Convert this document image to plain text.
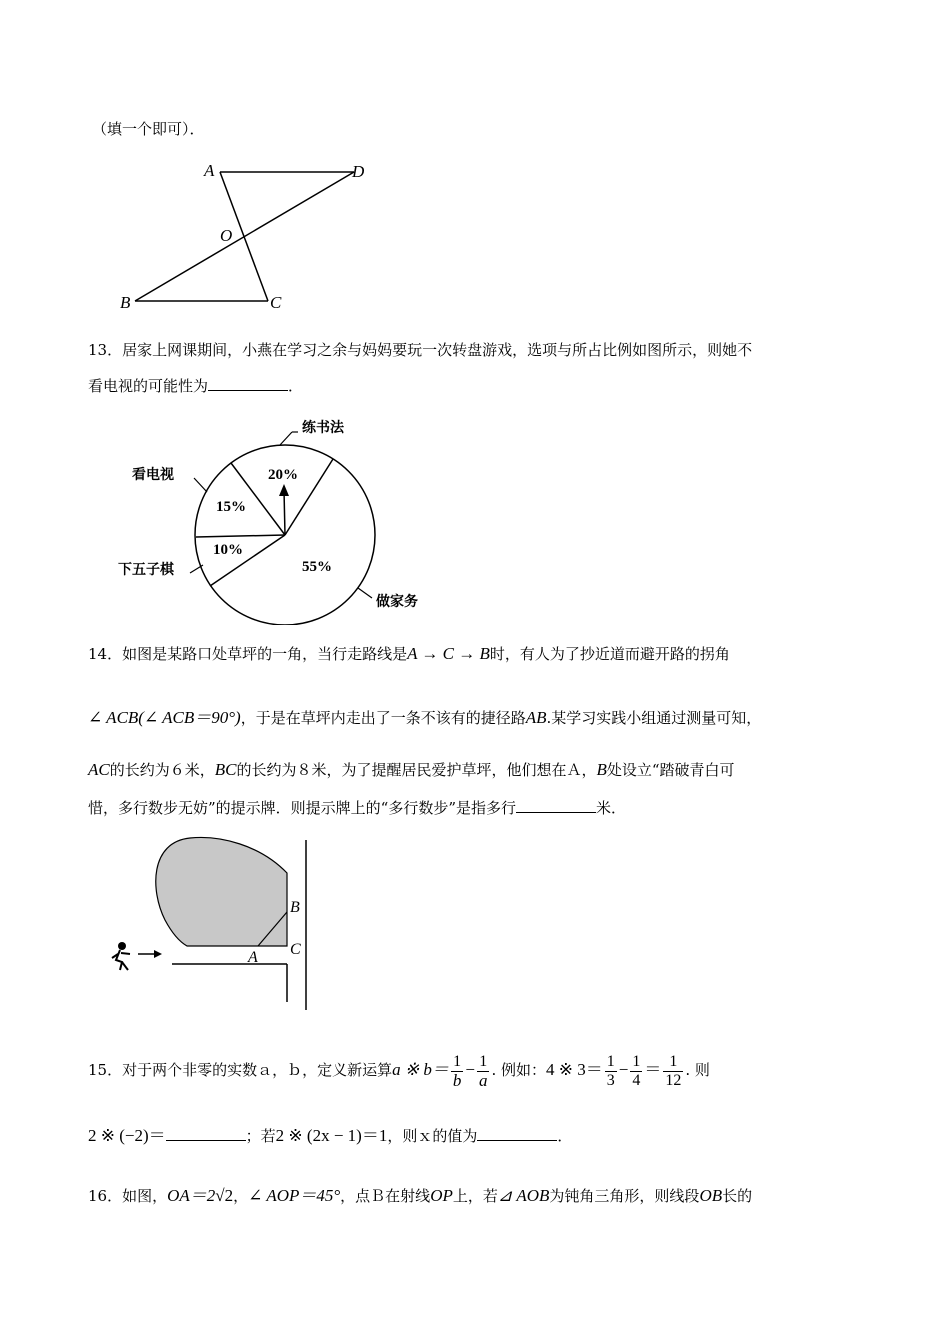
（填一个即可）．
A	D
O
B	C
13．居家上网课期间，小燕在学习之余与妈妈要玩一次转盘游戏，选项与所占比例如图所示，则她不
看电视的可能性为	．
练书法
看电视
下五子棋
做家务
20%
15%
10%
55%
14．如图是某路口处草坪的一角，当行走路线是A → C → B时，有人为了抄近道而避开路的拐角
∠ ACB(∠ ACB＝90°)，于是在草坪内走出了一条不该有的捷径路AB.某学习实践小组通过测量可知，
AC的长约为６米，BC的长约为８米，为了提醒居民爱护草坪，他们想在Ａ，B处设立“踏破青白可
惜，多行数步无妨”的提示牌．则提示牌上的“多行数步”是指多行	米．
B
A C
15．对于两个非零的实数ａ，ｂ，定义新运算a ※ $b= \frac{1}{b} - \frac{1}{a}$ . 例如：4 ※ $3= \frac{1}{3} - \frac{1}{4} = \frac{1}{12}$ . 则
2 ※ (−2)＝	；若2 ※ (2x − 1)＝1，则ｘ的值为	．
16．如图，OA＝2√2，∠ AOP＝45°，点Ｂ在射线OP上，若⊿ AOB为钝角三角形，则线段OB长的
